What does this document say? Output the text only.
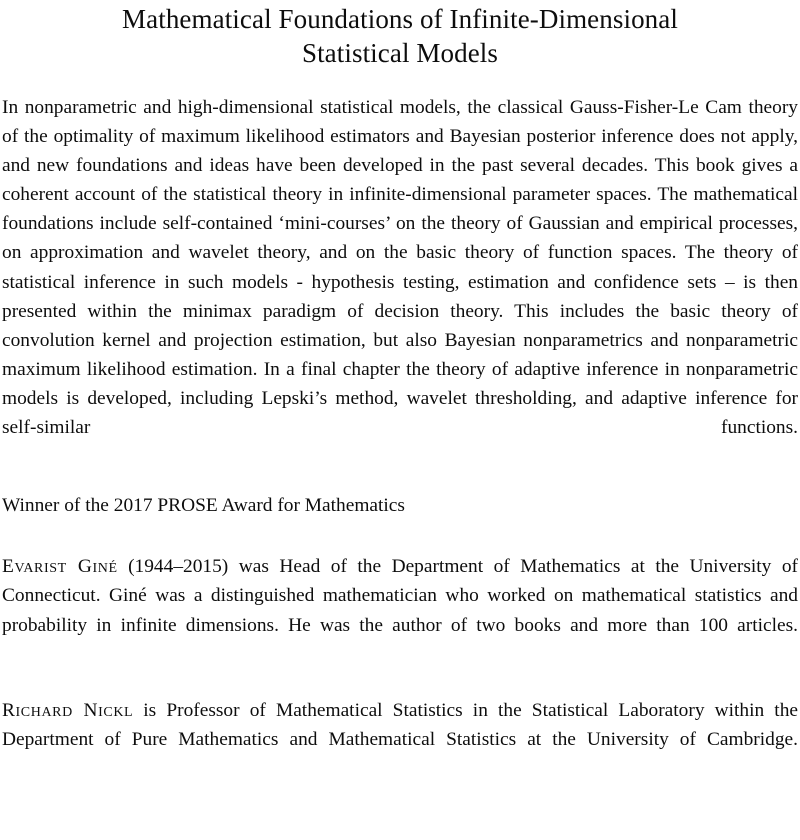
Mathematical Foundations of Infinite-Dimensional
Statistical Models

In nonparametric and high-dimensional statistical models, the classical Gauss-Fisher-Le Cam theory of the optimality of maximum likelihood estimators and Bayesian posterior inference does not apply, and new foundations and ideas have been developed in the past several decades. This book gives a coherent account of the statistical theory in infinite-dimensional parameter spaces. The mathematical foundations include self-contained ‘mini-courses’ on the theory of Gaussian and empirical processes, on approximation and wavelet theory, and on the basic theory of function spaces. The theory of statistical inference in such models - hypothesis testing, estimation and confidence sets – is then presented within the minimax paradigm of decision theory. This includes the basic theory of convolution kernel and projection estimation, but also Bayesian nonparametrics and nonparametric maximum likelihood estimation. In a final chapter the theory of adaptive inference in nonparametric models is developed, including Lepski’s method, wavelet thresholding, and adaptive inference for self-similar functions.

Winner of the 2017 PROSE Award for Mathematics

Evarist Giné (1944–2015) was Head of the Department of Mathematics at the University of Connecticut. Giné was a distinguished mathematician who worked on mathematical statistics and probability in infinite dimensions. He was the author of two books and more than 100 articles.

Richard Nickl is Professor of Mathematical Statistics in the Statistical Laboratory within the Department of Pure Mathematics and Mathematical Statistics at the University of Cambridge.
